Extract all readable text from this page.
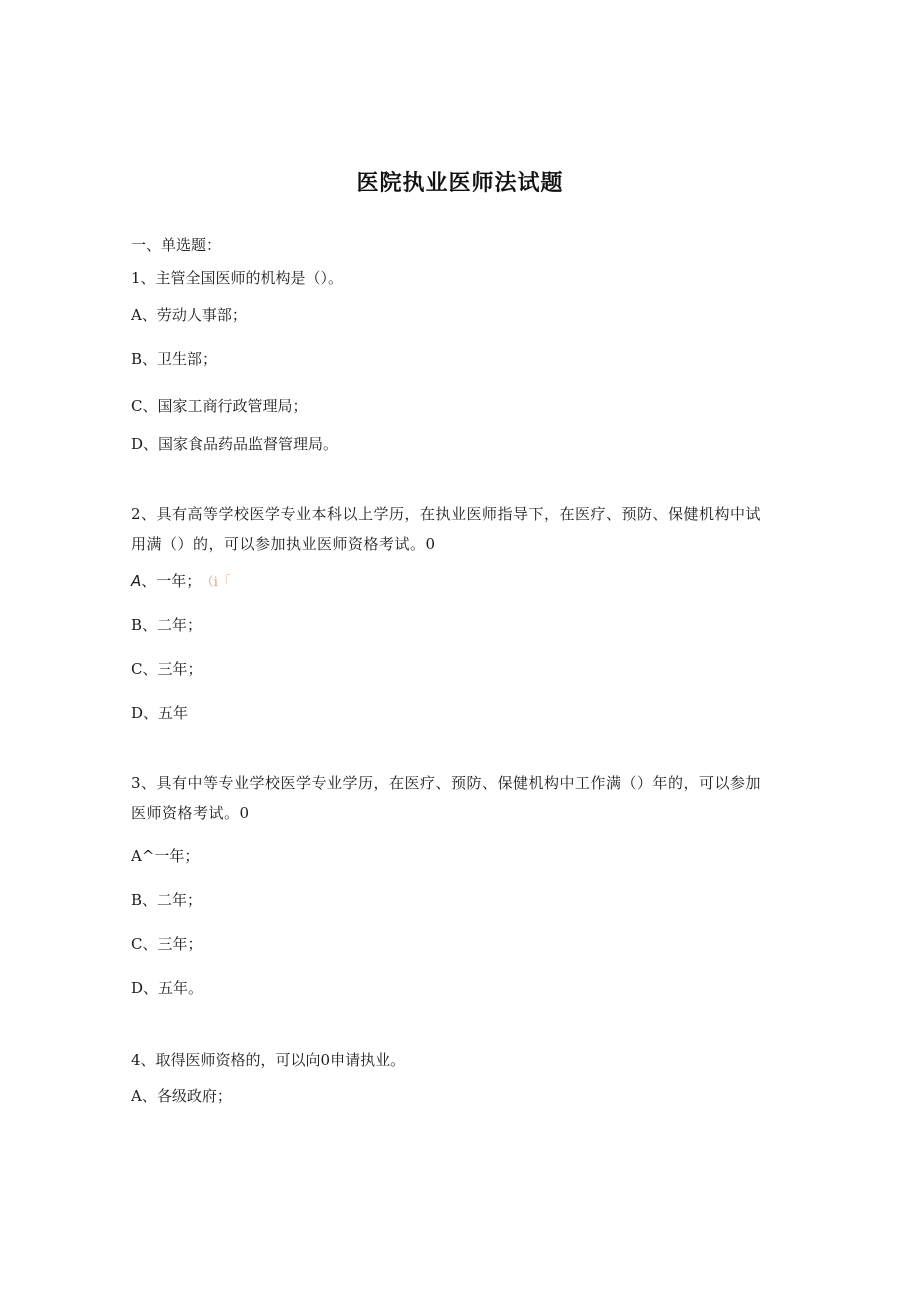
医院执业医师法试题
一、单选题：
1、主管全国医师的机构是（）。
A、劳动人事部；
B、卫生部；
C、国家工商行政管理局；
D、国家食品药品监督管理局。
2、具有高等学校医学专业本科以上学历，在执业医师指导下，在医疗、预防、保健机构中试用满（）的，可以参加执业医师资格考试。0
A、一年； （i「
B、二年；
C、三年；
D、五年
3、具有中等专业学校医学专业学历，在医疗、预防、保健机构中工作满（）年的，可以参加医师资格考试。0
A^一年；
B、二年；
C、三年；
D、五年。
4、取得医师资格的，可以向0申请执业。
A、各级政府；
